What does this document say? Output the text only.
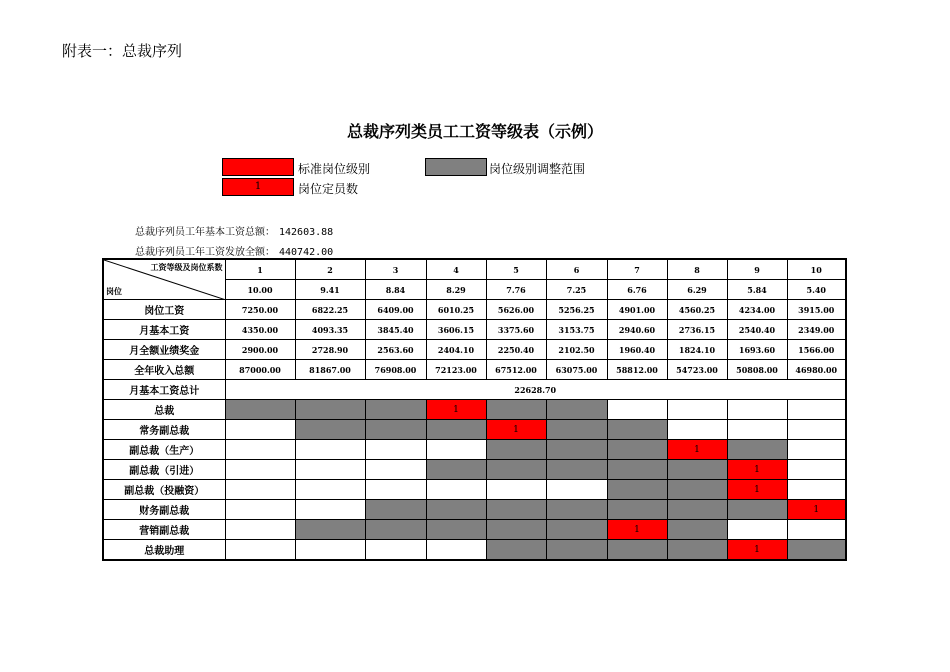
附表一：总裁序列
总裁序列类员工工资等级表（示例）
标准岗位级别	岗位级别调整范围
1	岗位定员数
总裁序列员工年基本工资总额： 142603.88
总裁序列员工年工资发放全额： 440742.00
工资等级及岗位系数
岗位	1	2	3	4	5	6	7	8	9	10
	10.00	9.41	8.84	8.29	7.76	7.25	6.76	6.29	5.84	5.40
岗位工资	7250.00	6822.25	6409.00	6010.25	5626.00	5256.25	4901.00	4560.25	4234.00	3915.00
月基本工资	4350.00	4093.35	3845.40	3606.15	3375.60	3153.75	2940.60	2736.15	2540.40	2349.00
月全额业绩奖金	2900.00	2728.90	2563.60	2404.10	2250.40	2102.50	1960.40	1824.10	1693.60	1566.00
全年收入总额	87000.00	81867.00	76908.00	72123.00	67512.00	63075.00	58812.00	54723.00	50808.00	46980.00
月基本工资总计	22628.70									
总裁				1						
常务副总裁					1					
副总裁（生产）								1		
副总裁（引进）									1	
副总裁（投融资）									1	
财务副总裁										1
营销副总裁							1			
总裁助理									1	
